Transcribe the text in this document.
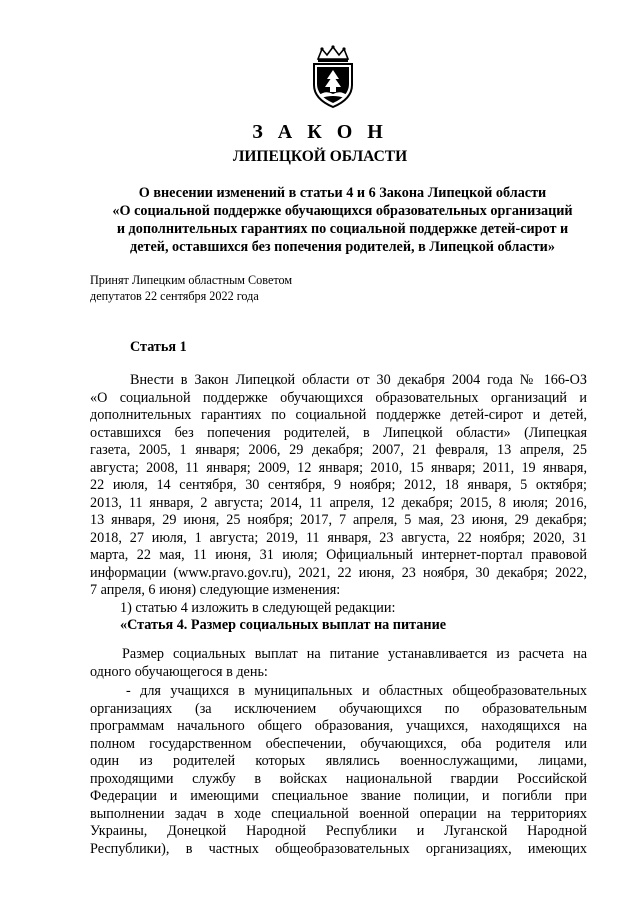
З А К О Н

ЛИПЕЦКОЙ ОБЛАСТИ

О внесении изменений в статьи 4 и 6 Закона Липецкой области
«О социальной поддержке обучающихся образовательных организаций
и дополнительных гарантиях по социальной поддержке детей-сирот и
детей, оставшихся без попечения родителей, в Липецкой области»
Принят Липецким областным Советом
депутатов 22 сентября 2022 года

Статья 1

Внести в Закон Липецкой области от 30 декабря 2004 года № 166-ОЗ
«О социальной поддержке обучающихся образовательных организаций и
дополнительных гарантиях по социальной поддержке детей-сирот и детей,
оставшихся без попечения родителей, в Липецкой области» (Липецкая
газета, 2005, 1 января; 2006, 29 декабря; 2007, 21 февраля, 13 апреля, 25
августа; 2008, 11 января; 2009, 12 января; 2010, 15 января; 2011, 19 января,
22 июля, 14 сентября, 30 сентября, 9 ноября; 2012, 18 января, 5 октября;
2013, 11 января, 2 августа; 2014, 11 апреля, 12 декабря; 2015, 8 июля; 2016,
13 января, 29 июня, 25 ноября; 2017, 7 апреля, 5 мая, 23 июня, 29 декабря;
2018, 27 июля, 1 августа; 2019, 11 января, 23 августа, 22 ноября; 2020, 31
марта, 22 мая, 11 июня, 31 июля; Официальный интернет-портал правовой
информации (www.pravo.gov.ru), 2021, 22 июня, 23 ноября, 30 декабря; 2022,
7 апреля, 6 июня) следующие изменения:
1) статью 4 изложить в следующей редакции:
«Статья 4. Размер социальных выплат на питание
Размер социальных выплат на питание устанавливается из расчета на
одного обучающегося в день:
- для учащихся в муниципальных и областных общеобразовательных
организациях (за исключением обучающихся по образовательным
программам начального общего образования, учащихся, находящихся на
полном государственном обеспечении, обучающихся, оба родителя или
один из родителей которых являлись военнослужащими, лицами,
проходящими службу в войсках национальной гвардии Российской
Федерации и имеющими специальное звание полиции, и погибли при
выполнении задач в ходе специальной военной операции на территориях
Украины, Донецкой Народной Республики и Луганской Народной
Республики), в частных общеобразовательных организациях, имеющих
